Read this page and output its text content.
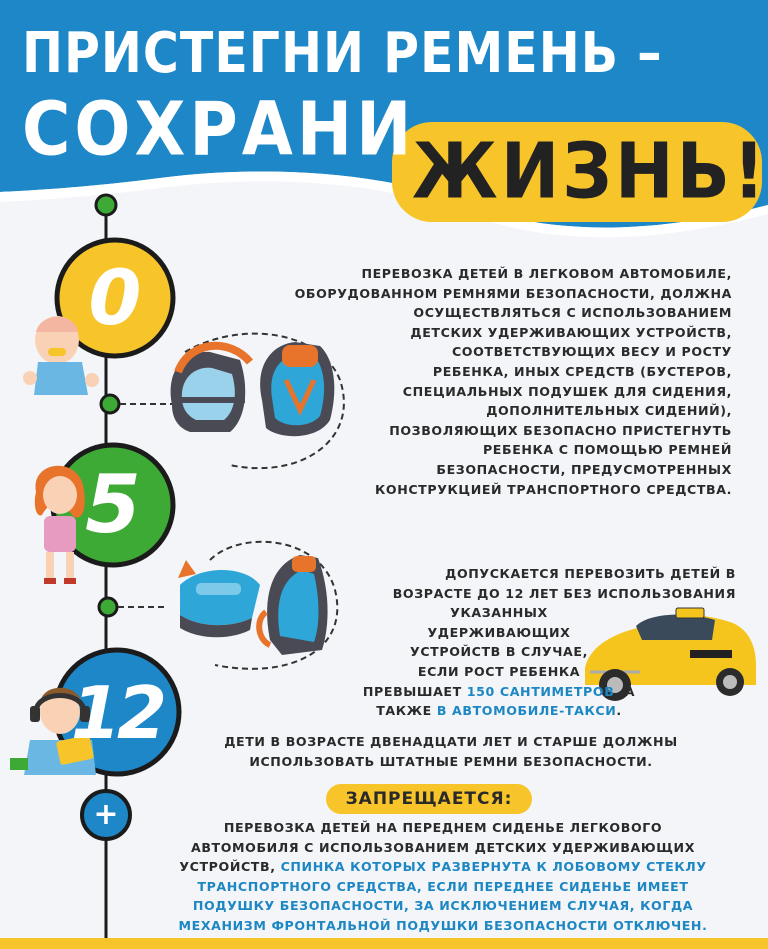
ПРИСТЕГНИ РЕМЕНЬ –
СОХРАНИ
ЖИЗНЬ!
0
5
12
+
ПЕРЕВОЗКА ДЕТЕЙ В ЛЕГКОВОМ АВТОМОБИЛЕ,
ОБОРУДОВАННОМ РЕМНЯМИ БЕЗОПАСНОСТИ, ДОЛЖНА
ОСУЩЕСТВЛЯТЬСЯ С ИСПОЛЬЗОВАНИЕМ
ДЕТСКИХ УДЕРЖИВАЮЩИХ УСТРОЙСТВ,
СООТВЕТСТВУЮЩИХ ВЕСУ И РОСТУ
РЕБЕНКА, ИНЫХ СРЕДСТВ (БУСТЕРОВ,
СПЕЦИАЛЬНЫХ ПОДУШЕК ДЛЯ СИДЕНИЯ,
ДОПОЛНИТЕЛЬНЫХ СИДЕНИЙ),
ПОЗВОЛЯЮЩИХ БЕЗОПАСНО ПРИСТЕГНУТЬ
РЕБЕНКА С ПОМОЩЬЮ РЕМНЕЙ
БЕЗОПАСНОСТИ, ПРЕДУСМОТРЕННЫХ
КОНСТРУКЦИЕЙ ТРАНСПОРТНОГО СРЕДСТВА.
ДОПУСКАЕТСЯ ПЕРЕВОЗИТЬ ДЕТЕЙ В
ВОЗРАСТЕ ДО 12 ЛЕТ БЕЗ ИСПОЛЬЗОВАНИЯ
УКАЗАННЫХ
УДЕРЖИВАЮЩИХ
УСТРОЙСТВ В СЛУЧАЕ,
ЕСЛИ РОСТ РЕБЕНКА
ПРЕВЫШАЕТ 150 САНТИМЕТРОВ, А
ТАКЖЕ В АВТОМОБИЛЕ-ТАКСИ.
ДЕТИ В ВОЗРАСТЕ ДВЕНАДЦАТИ ЛЕТ И СТАРШЕ ДОЛЖНЫ
ИСПОЛЬЗОВАТЬ ШТАТНЫЕ РЕМНИ БЕЗОПАСНОСТИ.
ЗАПРЕЩАЕТСЯ:
ПЕРЕВОЗКА ДЕТЕЙ НА ПЕРЕДНЕМ СИДЕНЬЕ ЛЕГКОВОГО
АВТОМОБИЛЯ С ИСПОЛЬЗОВАНИЕМ ДЕТСКИХ УДЕРЖИВАЮЩИХ
УСТРОЙСТВ, СПИНКА КОТОРЫХ РАЗВЕРНУТА К ЛОБОВОМУ СТЕКЛУ
ТРАНСПОРТНОГО СРЕДСТВА, ЕСЛИ ПЕРЕДНЕЕ СИДЕНЬЕ ИМЕЕТ
ПОДУШКУ БЕЗОПАСНОСТИ, ЗА ИСКЛЮЧЕНИЕМ СЛУЧАЯ, КОГДА
МЕХАНИЗМ ФРОНТАЛЬНОЙ ПОДУШКИ БЕЗОПАСНОСТИ ОТКЛЮЧЕН.
